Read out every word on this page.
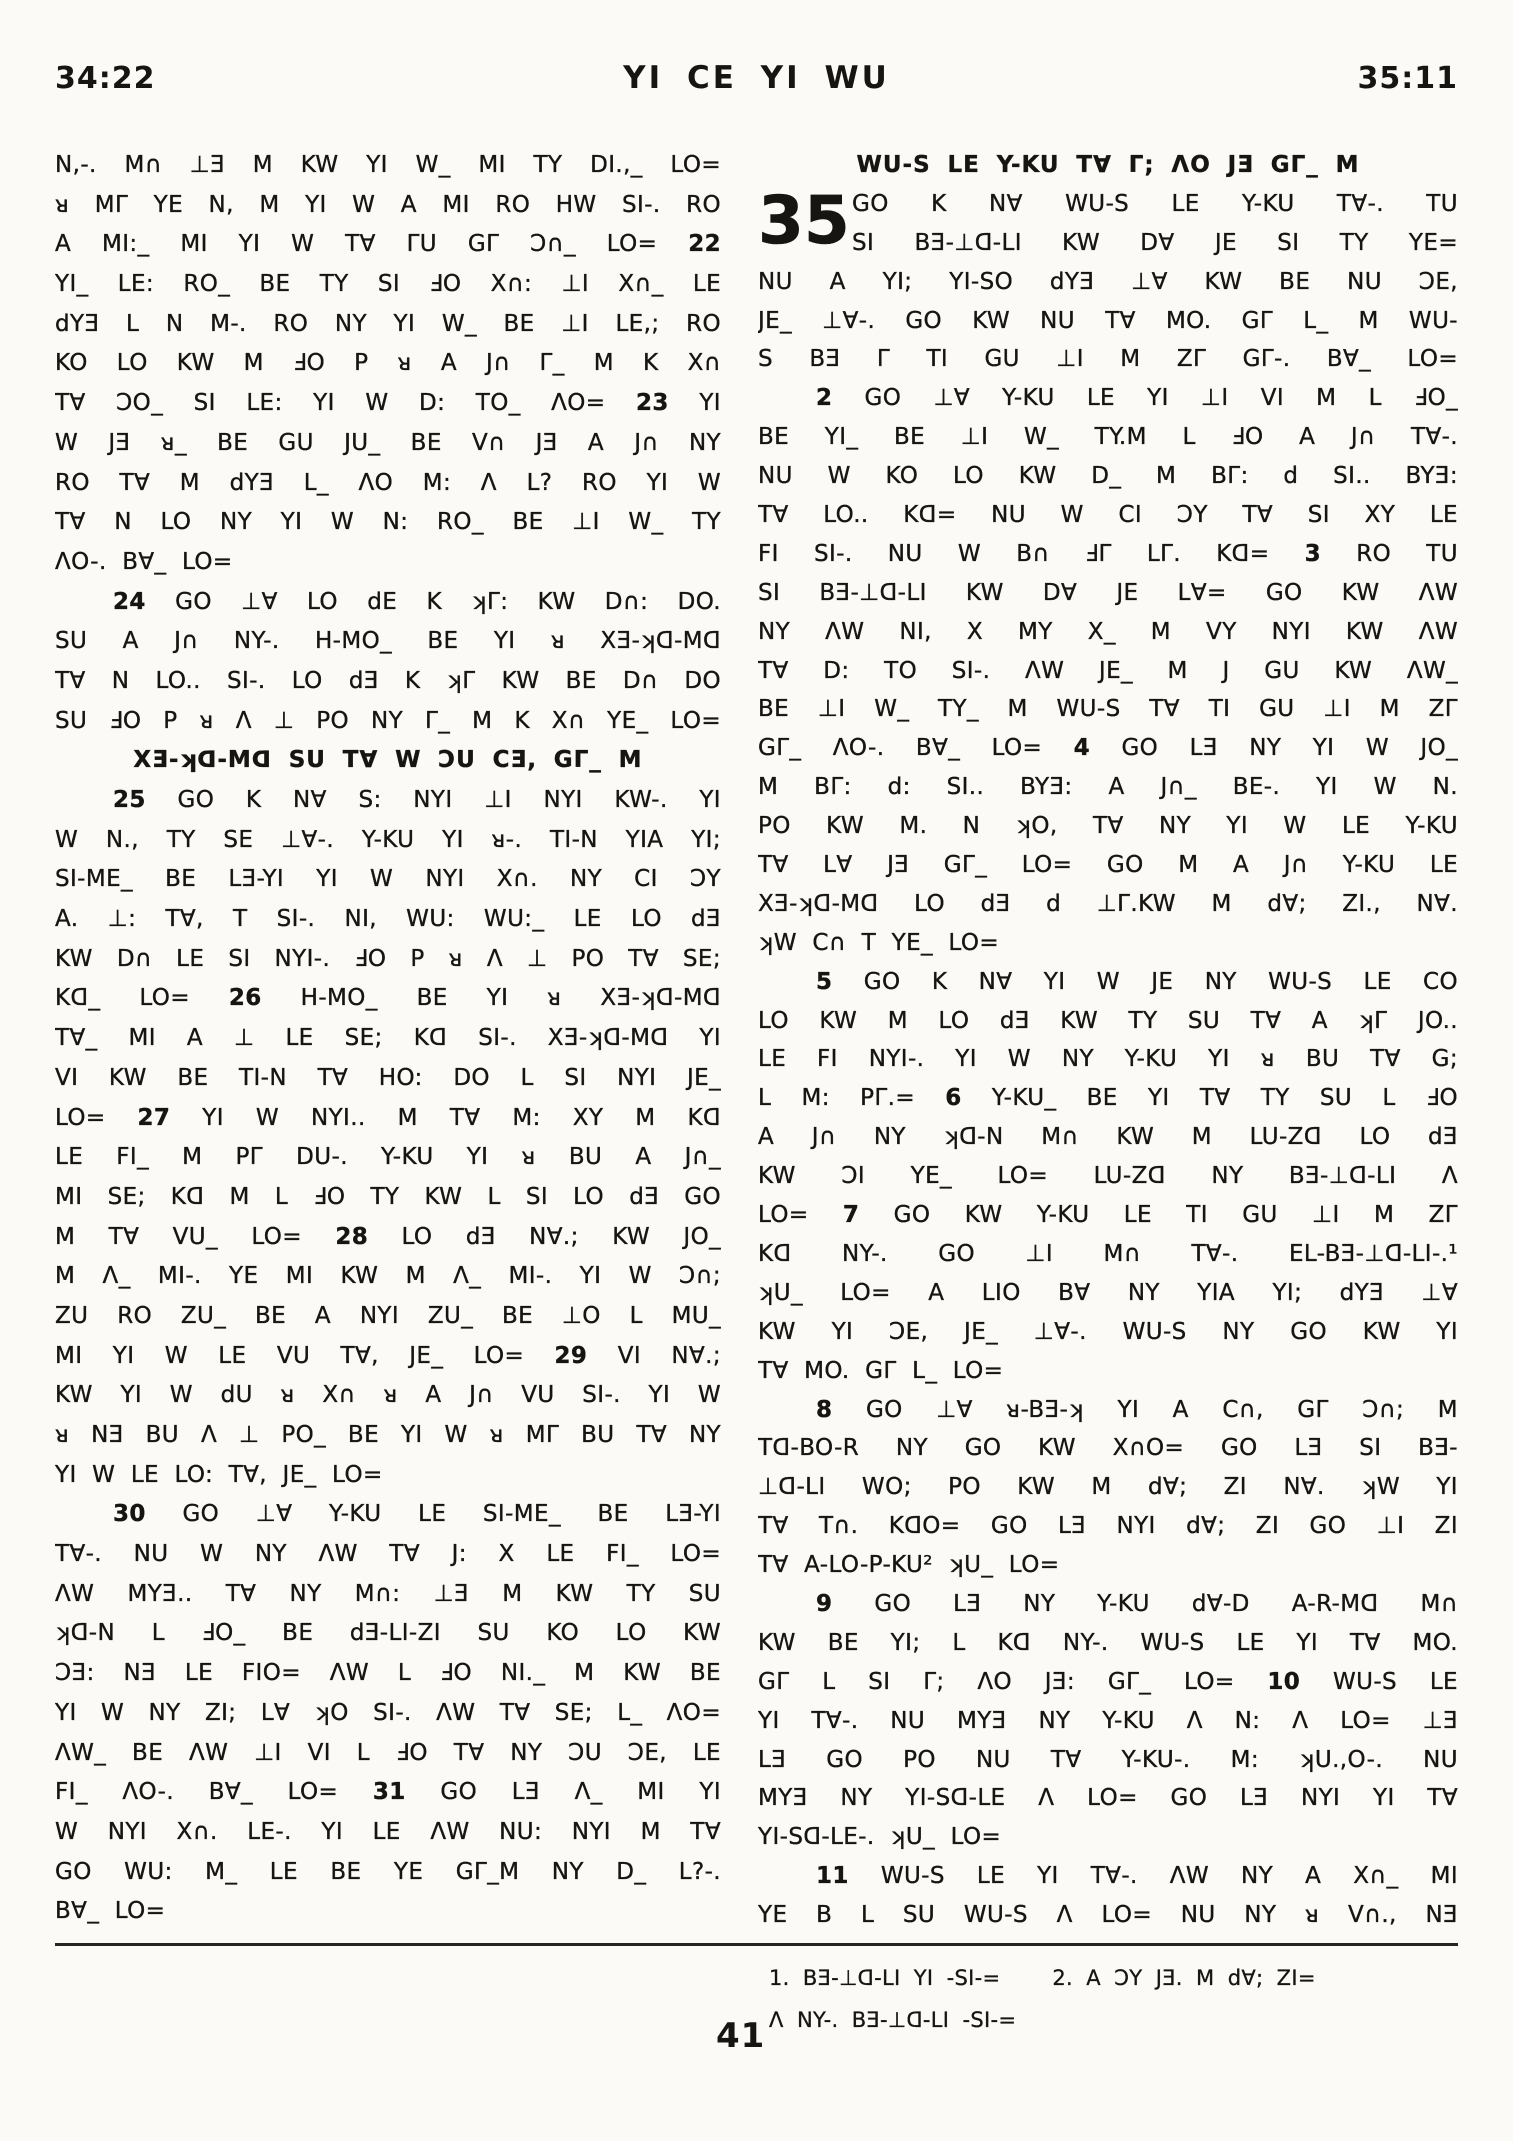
34:22	YI CE YI WU	35:11
N,-. M∩ ⊥Ǝ M KW YI W_ MI TY DI.,_ LO=
ᴚ MΓ YE N, M YI W A MI RO HW SI-. RO
A MI:_ MI YI W T∀ ΓU GΓ Ɔ∩_ LO= 22
YI_ LE: RO_ BE TY SI ℲO X∩: ⊥I X∩_ LE
dYƎ L N M-. RO NY YI W_ BE ⊥I LE,; RO
KO LO KW M ℲO P ᴚ A J∩ Γ_ M K X∩
T∀ ƆO_ SI LE: YI W D: TO_ ΛO= 23 YI
W JƎ ᴚ_ BE GU JU_ BE V∩ JƎ A J∩ NY
RO T∀ M dYƎ L_ ΛO M: Λ L? RO YI W
T∀ N LO NY YI W N: RO_ BE ⊥I W_ TY
ΛO-. B∀_ LO=
24 GO ⊥∀ LO dE K ʞΓ: KW D∩: DO.
SU A J∩ NY-. H-MO_ BE YI ᴚ XƎ-ʞᗡ-Mᗡ
T∀ N LO.. SI-. LO dƎ K ʞΓ KW BE D∩ DO
SU ℲO P ᴚ Λ ⊥ PO NY Γ_ M K X∩ YE_ LO=
XƎ-ʞᗡ-Mᗡ SU T∀ W ƆU CƎ, GΓ_ M
25 GO K N∀ S: NYI ⊥I NYI KW-. YI
W N., TY SE ⊥∀-. Y-KU YI ᴚ-. TI-N YIA YI;
SI-ME_ BE LƎ-YI YI W NYI X∩. NY CI ƆY
A. ⊥: T∀, T SI-. NI, WU: WU:_ LE LO dƎ
KW D∩ LE SI NYI-. ℲO P ᴚ Λ ⊥ PO T∀ SE;
Kᗡ_ LO= 26 H-MO_ BE YI ᴚ XƎ-ʞᗡ-Mᗡ
T∀_ MI A ⊥ LE SE; Kᗡ SI-. XƎ-ʞᗡ-Mᗡ YI
VI KW BE TI-N T∀ HO: DO L SI NYI JE_
LO= 27 YI W NYI.. M T∀ M: XY M Kᗡ
LE FI_ M PΓ DU-. Y-KU YI ᴚ BU A J∩_
MI SE; Kᗡ M L ℲO TY KW L SI LO dƎ GO
M T∀ VU_ LO= 28 LO dƎ N∀.; KW JO_
M Λ_ MI-. YE MI KW M Λ_ MI-. YI W Ɔ∩;
ZU RO ZU_ BE A NYI ZU_ BE ⊥O L MU_
MI YI W LE VU T∀, JE_ LO= 29 VI N∀.;
KW YI W dU ᴚ X∩ ᴚ A J∩ VU SI-. YI W
ᴚ NƎ BU Λ ⊥ PO_ BE YI W ᴚ MΓ BU T∀ NY
YI W LE LO: T∀, JE_ LO=
30 GO ⊥∀ Y-KU LE SI-ME_ BE LƎ-YI
T∀-. NU W NY ΛW T∀ J: X LE FI_ LO=
ΛW MYƎ.. T∀ NY M∩: ⊥Ǝ M KW TY SU
ʞᗡ-N L ℲO_ BE dƎ-LI-ZI SU KO LO KW
ƆƎ: NƎ LE FIO= ΛW L ℲO NI._ M KW BE
YI W NY ZI; L∀ ʞO SI-. ΛW T∀ SE; L_ ΛO=
ΛW_ BE ΛW ⊥I VI L ℲO T∀ NY ƆU ƆE, LE
FI_ ΛO-. B∀_ LO= 31 GO LƎ Λ_ MI YI
W NYI X∩. LE-. YI LE ΛW NU: NYI M T∀
GO WU: M_ LE BE YE GΓ_M NY D_ L?-.
B∀_ LO=
WU-S LE Y-KU T∀ Γ; ΛO JƎ GΓ_ M
35 GO K N∀ WU-S LE Y-KU T∀-. TU
SI BƎ-⊥ᗡ-LI KW D∀ JE SI TY YE=
NU A YI; YI-SO dYƎ ⊥∀ KW BE NU ƆE,
JE_ ⊥∀-. GO KW NU T∀ MO. GΓ L_ M WU-
S BƎ Γ TI GU ⊥I M ZΓ GΓ-. B∀_ LO=
2 GO ⊥∀ Y-KU LE YI ⊥I VI M L ℲO_
BE YI_ BE ⊥I W_ TY.M L ℲO A J∩ T∀-.
NU W KO LO KW D_ M BΓ: d SI.. BYƎ:
T∀ LO.. Kᗡ= NU W CI ƆY T∀ SI XY LE
FI SI-. NU W B∩ ℲΓ LΓ. Kᗡ= 3 RO TU
SI BƎ-⊥ᗡ-LI KW D∀ JE L∀= GO KW ΛW
NY ΛW NI, X MY X_ M VY NYI KW ΛW
T∀ D: TO SI-. ΛW JE_ M J GU KW ΛW_
BE ⊥I W_ TY_ M WU-S T∀ TI GU ⊥I M ZΓ
GΓ_ ΛO-. B∀_ LO= 4 GO LƎ NY YI W JO_
M BΓ: d: SI.. BYƎ: A J∩_ BE-. YI W N.
PO KW M. N ʞO, T∀ NY YI W LE Y-KU
T∀ L∀ JƎ GΓ_ LO= GO M A J∩ Y-KU LE
XƎ-ʞᗡ-Mᗡ LO dƎ d ⊥Γ.KW M d∀; ZI., N∀.
ʞW C∩ T YE_ LO=
5 GO K N∀ YI W JE NY WU-S LE CO
LO KW M LO dƎ KW TY SU T∀ A ʞΓ JO..
LE FI NYI-. YI W NY Y-KU YI ᴚ BU T∀ G;
L M: PΓ.= 6 Y-KU_ BE YI T∀ TY SU L ℲO
A J∩ NY ʞᗡ-N M∩ KW M LU-Zᗡ LO dƎ
KW ƆI YE_ LO= LU-Zᗡ NY BƎ-⊥ᗡ-LI Λ
LO= 7 GO KW Y-KU LE TI GU ⊥I M ZΓ
Kᗡ NY-. GO ⊥I M∩ T∀-. EL-BƎ-⊥ᗡ-LI-.¹
ʞU_ LO= A LIO B∀ NY YIA YI; dYƎ ⊥∀
KW YI ƆE, JE_ ⊥∀-. WU-S NY GO KW YI
T∀ MO. GΓ L_ LO=
8 GO ⊥∀ ᴚ-BƎ-ʞ YI A C∩, GΓ Ɔ∩; M
Tᗡ-BO-R NY GO KW X∩O= GO LƎ SI BƎ-
⊥ᗡ-LI WO; PO KW M d∀; ZI N∀. ʞW YI
T∀ T∩. KᗡO= GO LƎ NYI d∀; ZI GO ⊥I ZI
T∀ A-LO-P-KU² ʞU_ LO=
9 GO LƎ NY Y-KU d∀-D A-R-Mᗡ M∩
KW BE YI; L Kᗡ NY-. WU-S LE YI T∀ MO.
GΓ L SI Γ; ΛO JƎ: GΓ_ LO= 10 WU-S LE
YI T∀-. NU MYƎ NY Y-KU Λ N: Λ LO= ⊥Ǝ
LƎ GO PO NU T∀ Y-KU-. M: ʞU.,O-. NU
MYƎ NY YI-Sᗡ-LE Λ LO= GO LƎ NYI YI T∀
YI-Sᗡ-LE-. ʞU_ LO=
11 WU-S LE YI T∀-. ΛW NY A X∩_ MI
YE B L SU WU-S Λ LO= NU NY ᴚ V∩., NƎ
1. BƎ-⊥ᗡ-LI YI -SI-= 2. A ƆY JƎ. M d∀; ZI=
Λ NY-. BƎ-⊥ᗡ-LI -SI-=
41
